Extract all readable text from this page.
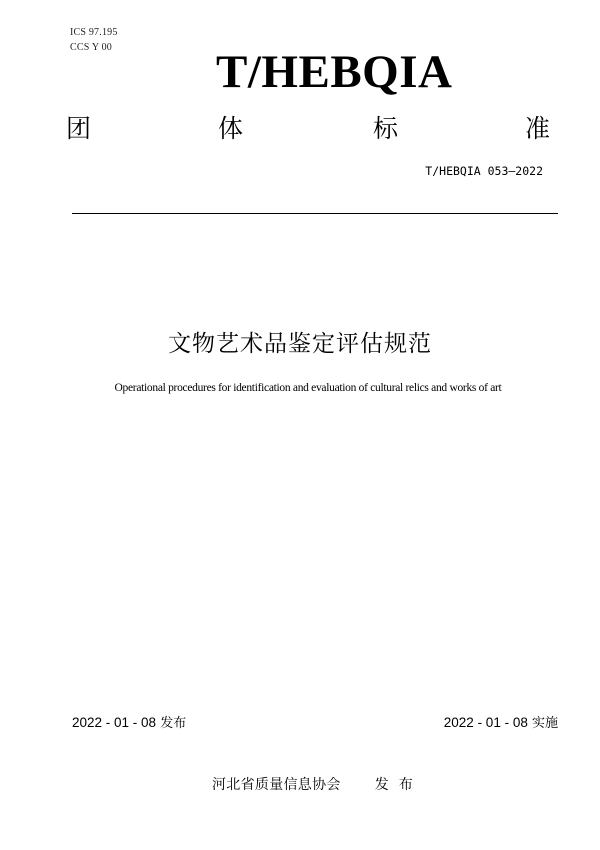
ICS 97.195
CCS Y 00 T/HEBQIA
团	体	标	准
T/HEBQIA 053—2022
文物艺术品鉴定评估规范
Operational procedures for identification and evaluation of cultural relics and works of art
2022 - 01 - 08 发布	2022 - 01 - 08 实施
河北省质量信息协会 发布
